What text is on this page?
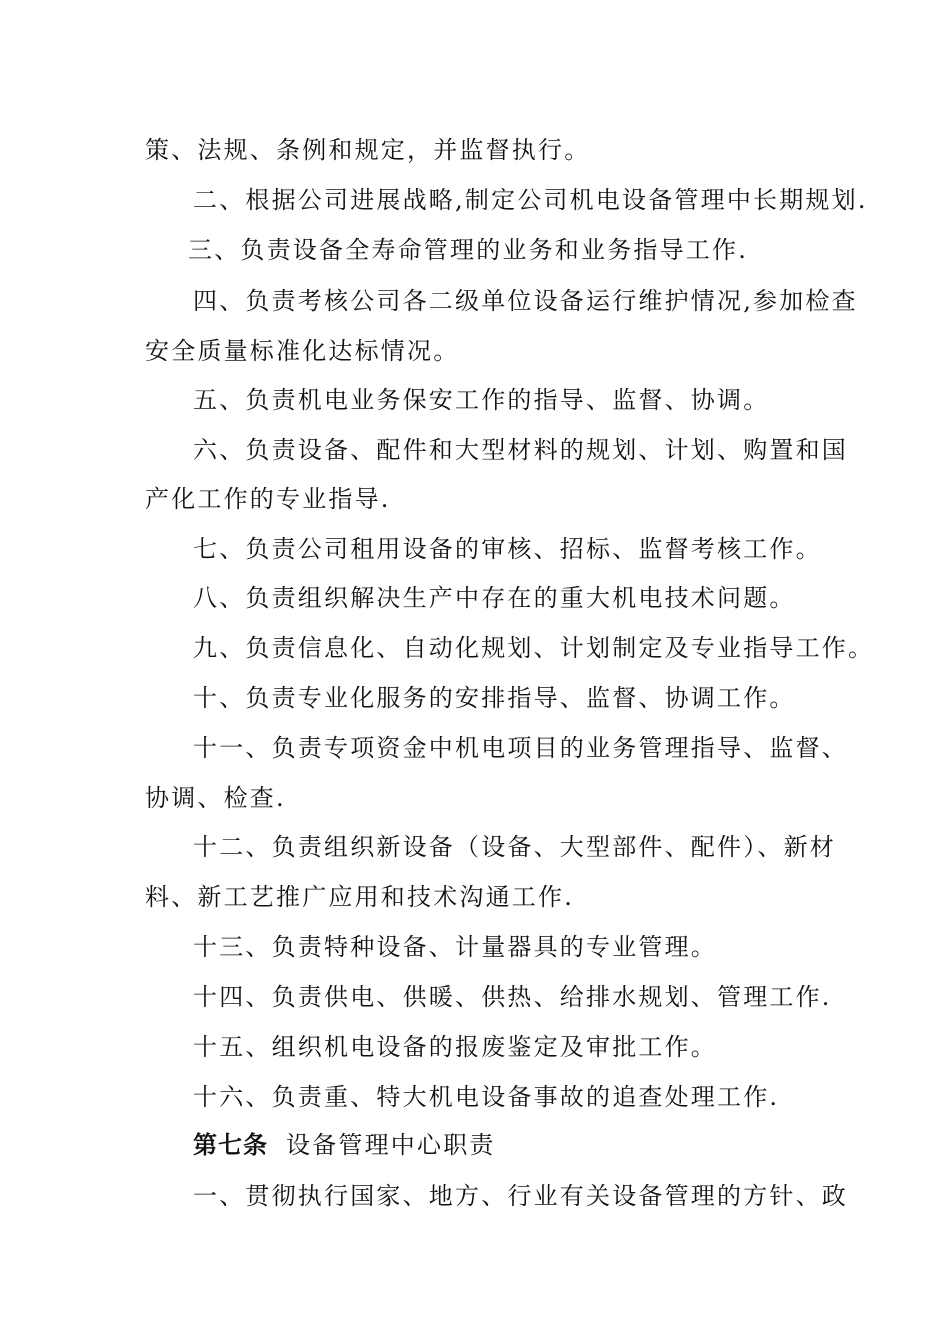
策、法规、条例和规定，并监督执行。
二、根据公司进展战略,制定公司机电设备管理中长期规划.
三、负责设备全寿命管理的业务和业务指导工作.
四、负责考核公司各二级单位设备运行维护情况,参加检查
安全质量标准化达标情况。
五、负责机电业务保安工作的指导、监督、协调。
六、负责设备、配件和大型材料的规划、计划、购置和国
产化工作的专业指导.
七、负责公司租用设备的审核、招标、监督考核工作。
八、负责组织解决生产中存在的重大机电技术问题。
九、负责信息化、自动化规划、计划制定及专业指导工作。
十、负责专业化服务的安排指导、监督、协调工作。
十一、负责专项资金中机电项目的业务管理指导、监督、
协调、检查.
十二、负责组织新设备（设备、大型部件、配件）、新材
料、新工艺推广应用和技术沟通工作.
十三、负责特种设备、计量器具的专业管理。
十四、负责供电、供暖、供热、给排水规划、管理工作.
十五、组织机电设备的报废鉴定及审批工作。
十六、负责重、特大机电设备事故的追查处理工作.
第七条 设备管理中心职责
一、贯彻执行国家、地方、行业有关设备管理的方针、政
